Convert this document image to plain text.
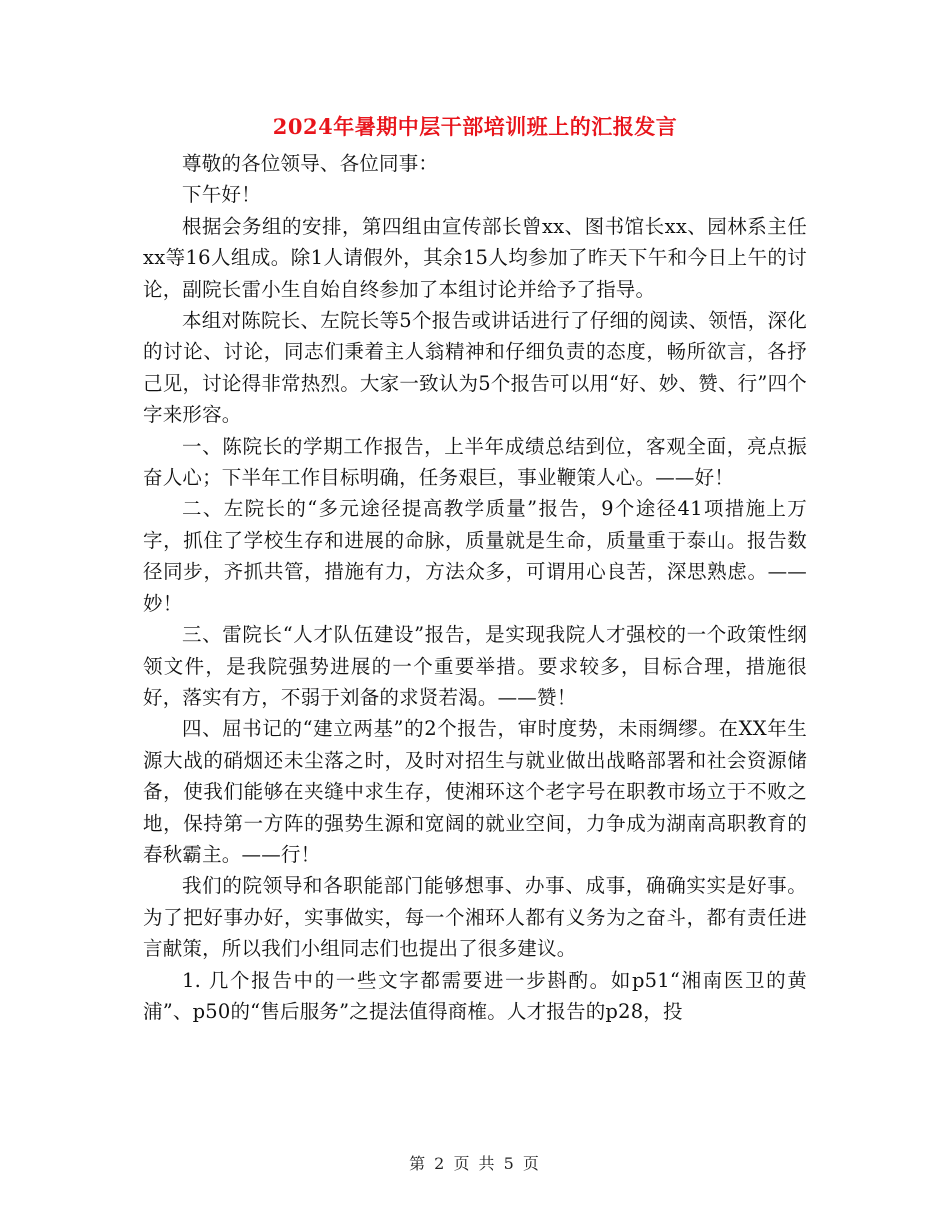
2024年暑期中层干部培训班上的汇报发言

尊敬的各位领导、各位同事：

下午好！

根据会务组的安排，第四组由宣传部长曾xx、图书馆长xx、园林系主任xx等16人组成。除1人请假外，其余15人均参加了昨天下午和今日上午的讨论，副院长雷小生自始自终参加了本组讨论并给予了指导。

本组对陈院长、左院长等5个报告或讲话进行了仔细的阅读、领悟，深化的讨论、讨论，同志们秉着主人翁精神和仔细负责的态度，畅所欲言，各抒己见，讨论得非常热烈。大家一致认为5个报告可以用“好、妙、赞、行”四个字来形容。

一、陈院长的学期工作报告，上半年成绩总结到位，客观全面，亮点振奋人心；下半年工作目标明确，任务艰巨，事业鞭策人心。——好！

二、左院长的“多元途径提高教学质量”报告，9个途径41项措施上万字，抓住了学校生存和进展的命脉，质量就是生命，质量重于泰山。报告数径同步，齐抓共管，措施有力，方法众多，可谓用心良苦，深思熟虑。——妙！

三、雷院长“人才队伍建设”报告，是实现我院人才强校的一个政策性纲领文件，是我院强势进展的一个重要举措。要求较多，目标合理，措施很好，落实有方，不弱于刘备的求贤若渴。——赞！

四、屈书记的“建立两基”的2个报告，审时度势，未雨绸缪。在XX年生源大战的硝烟还未尘落之时，及时对招生与就业做出战略部署和社会资源储备，使我们能够在夹缝中求生存，使湘环这个老字号在职教市场立于不败之地，保持第一方阵的强势生源和宽阔的就业空间，力争成为湖南高职教育的春秋霸主。——行！

我们的院领导和各职能部门能够想事、办事、成事，确确实实是好事。为了把好事办好，实事做实，每一个湘环人都有义务为之奋斗，都有责任进言献策，所以我们小组同志们也提出了很多建议。

1. 几个报告中的一些文字都需要进一步斟酌。如p51“湘南医卫的黄浦”、p50的“售后服务”之提法值得商榷。人才报告的p28，投

第 2 页 共 5 页
